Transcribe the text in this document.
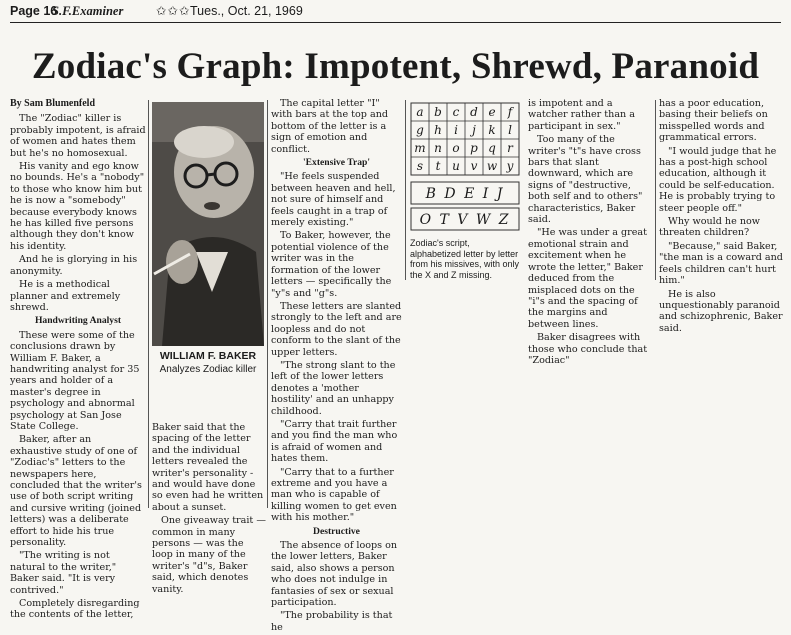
Page 16
S.F.Examiner	✩✩✩ Tues., Oct. 21, 1969
Zodiac's Graph: Impotent, Shrewd, Paranoid

By Sam Blumenfeld

The "Zodiac" killer is probably impotent, is afraid of women and hates them but he's no homosexual.

His vanity and ego know no bounds. He's a "nobody" to those who know him but he is now a "somebody" because everybody knows he has killed five persons although they don't know his identity.

And he is glorying in his anonymity.

He is a methodical planner and extremely shrewd.

Handwriting Analyst

These were some of the conclusions drawn by William F. Baker, a handwriting analyst for 35 years and holder of a master's degree in psychology and abnormal psychology at San Jose State College.

Baker, after an exhaustive study of one of "Zodiac's" letters to the newspapers here, concluded that the writer's use of both script writing and cursive writing (joined letters) was a deliberate effort to hide his true personality.

"The writing is not natural to the writer," Baker said. "It is very contrived."

Completely disregarding the contents of the letter,

WILLIAM F. BAKER
Analyzes Zodiac killer

Baker said that the spacing of the letter and the individual letters revealed the writer's personality - and would have done so even had he written about a sunset.

One giveaway trait — common in many persons — was the loop in many of the writer's "d"s, Baker said, which denotes vanity.

The capital letter "I" with bars at the top and bottom of the letter is a sign of emotion and conflict.

'Extensive Trap'

"He feels suspended between heaven and hell, not sure of himself and feels caught in a trap of merely existing."

To Baker, however, the potential violence of the writer was in the formation of the lower letters — specifically the "y"s and "g"s.

These letters are slanted strongly to the left and are loopless and do not conform to the slant of the upper letters.

"The strong slant to the left of the lower letters denotes a 'mother hostility' and an unhappy childhood.

"Carry that trait further and you find the man who is afraid of women and hates them.

"Carry that to a further extreme and you have a man who is capable of killing women to get even with his mother."

Destructive

The absence of loops on the lower letters, Baker said, also shows a person who does not indulge in fantasies of sex or sexual participation.

"The probability is that he

a b c d e f
g h i j k l
m n o p q r
s t u v w y
B D E I J
O T V W Z
Zodiac's script, alphabetized letter by letter from his missives, with only the X and Z missing.

is impotent and a watcher rather than a participant in sex."

Too many of the writer's "t"s have cross bars that slant downward, which are signs of "destructive, both self and to others" characteristics, Baker said.

"He was under a great emotional strain and excitement when he wrote the letter," Baker deduced from the misplaced dots on the "i"s and the spacing of the margins and between lines.

Baker disagrees with those who conclude that "Zodiac"

has a poor education, basing their beliefs on misspelled words and grammatical errors.

"I would judge that he has a post-high school education, although it could be self-education. He is probably trying to steer people off."

Why would he now threaten children?

"Because," said Baker, "the man is a coward and feels children can't hurt him."

He is also unquestionably paranoid and schizophrenic, Baker said.
